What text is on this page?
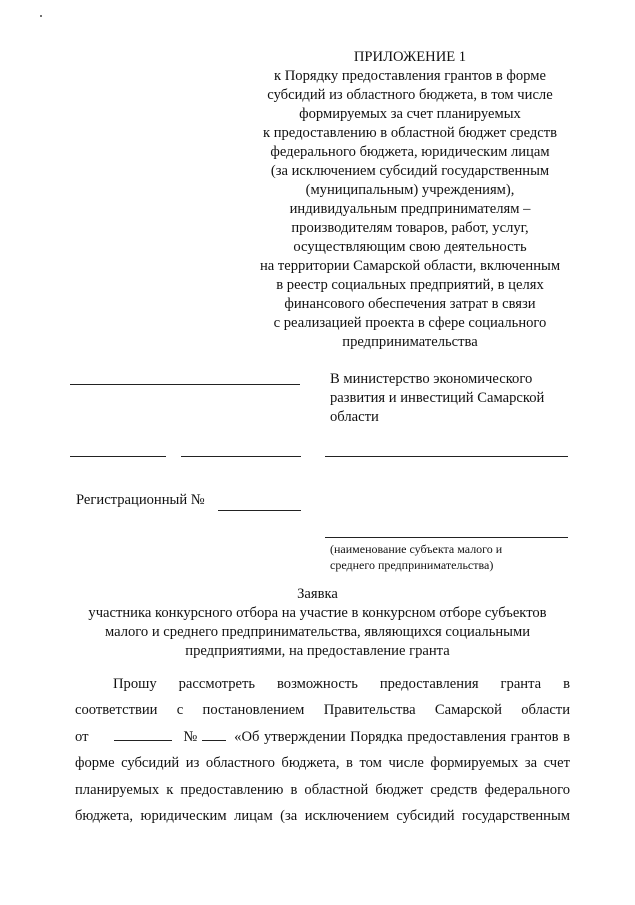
ПРИЛОЖЕНИЕ 1
к Порядку предоставления грантов в форме
субсидий из областного бюджета, в том числе
формируемых за счет планируемых
к предоставлению в областной бюджет средств
федерального бюджета, юридическим лицам
(за исключением субсидий государственным
(муниципальным) учреждениям),
индивидуальным предпринимателям –
производителям товаров, работ, услуг,
осуществляющим свою деятельность
на территории Самарской области, включенным
в реестр социальных предприятий, в целях
финансового обеспечения затрат в связи
с реализацией проекта в сфере социального
предпринимательства
В министерство экономического
развития и инвестиций Самарской
области
Регистрационный №
(наименование субъекта малого и
среднего предпринимательства)
Заявка
участника конкурсного отбора на участие в конкурсном отборе субъектов
малого и среднего предпринимательства, являющихся социальными
предприятиями, на предоставление гранта
Прошу рассмотреть возможность предоставления гранта в
соответствии с постановлением Правительства Самарской области
от	№ «Об утверждении Порядка предоставления грантов в
форме субсидий из областного бюджета, в том числе формируемых за счет
планируемых к предоставлению в областной бюджет средств федерального
бюджета, юридическим лицам (за исключением субсидий государственным
